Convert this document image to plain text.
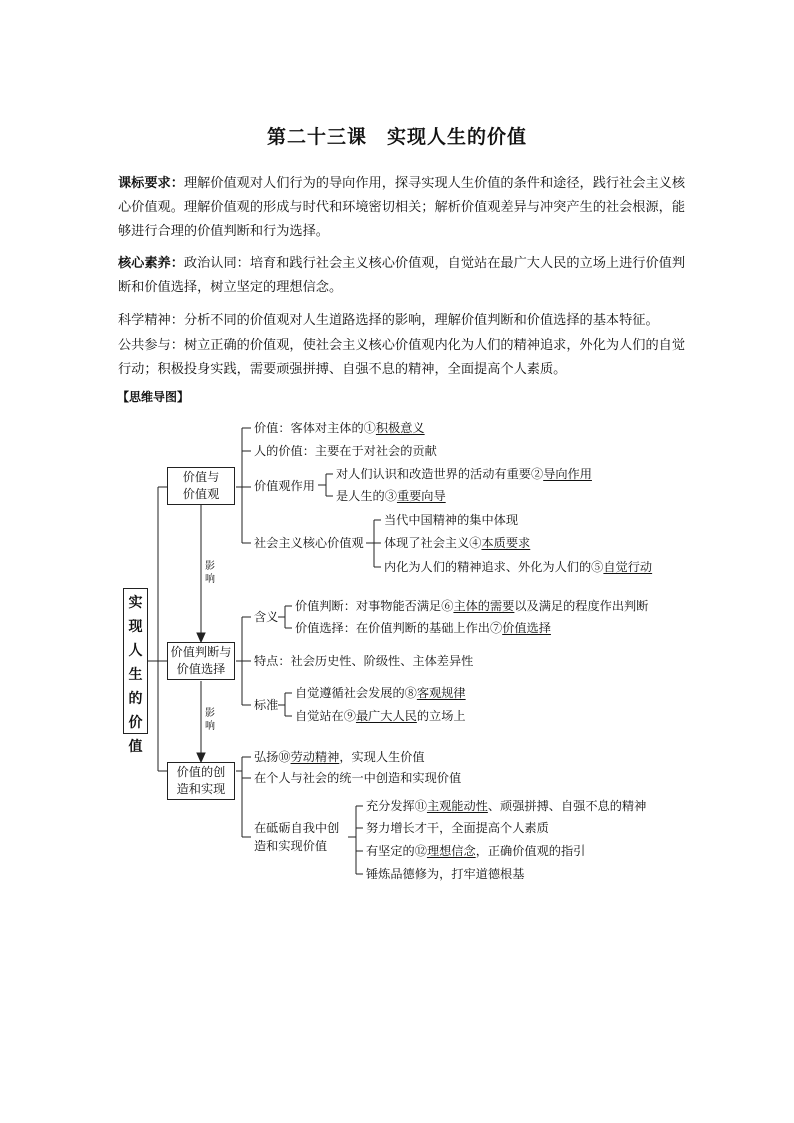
第二十三课　实现人生的价值

课标要求：理解价值观对人们行为的导向作用，探寻实现人生价值的条件和途径，践行社会主义核心价值观。理解价值观的形成与时代和环境密切相关；解析价值观差异与冲突产生的社会根源，能够进行合理的价值判断和行为选择。

核心素养：政治认同：培育和践行社会主义核心价值观，自觉站在最广大人民的立场上进行价值判断和价值选择，树立坚定的理想信念。

科学精神：分析不同的价值观对人生道路选择的影响，理解价值判断和价值选择的基本特征。

公共参与：树立正确的价值观，使社会主义核心价值观内化为人们的精神追求，外化为人们的自觉行动；积极投身实践，需要顽强拼搏、自强不息的精神，全面提高个人素质。

【思维导图】
实现人生的价值
影响
影响
价值与
价值观
价值判断与
价值选择
价值的创
造和实现
价值：客体对主体的①积极意义
人的价值：主要在于对社会的贡献
价值观作用
对人们认识和改造世界的活动有重要②导向作用
是人生的③重要向导
社会主义核心价值观
当代中国精神的集中体现
体现了社会主义④本质要求
内化为人们的精神追求、外化为人们的⑤自觉行动
含义
价值判断：对事物能否满足⑥主体的需要以及满足的程度作出判断
价值选择：在价值判断的基础上作出⑦价值选择
特点：社会历史性、阶级性、主体差异性
标准
自觉遵循社会发展的⑧客观规律
自觉站在⑨最广大人民的立场上
弘扬⑩劳动精神，实现人生价值
在个人与社会的统一中创造和实现价值
在砥砺自我中创
造和实现价值
充分发挥⑪主观能动性、顽强拼搏、自强不息的精神
努力增长才干，全面提高个人素质
有坚定的⑫理想信念，正确价值观的指引
锤炼品德修为，打牢道德根基
